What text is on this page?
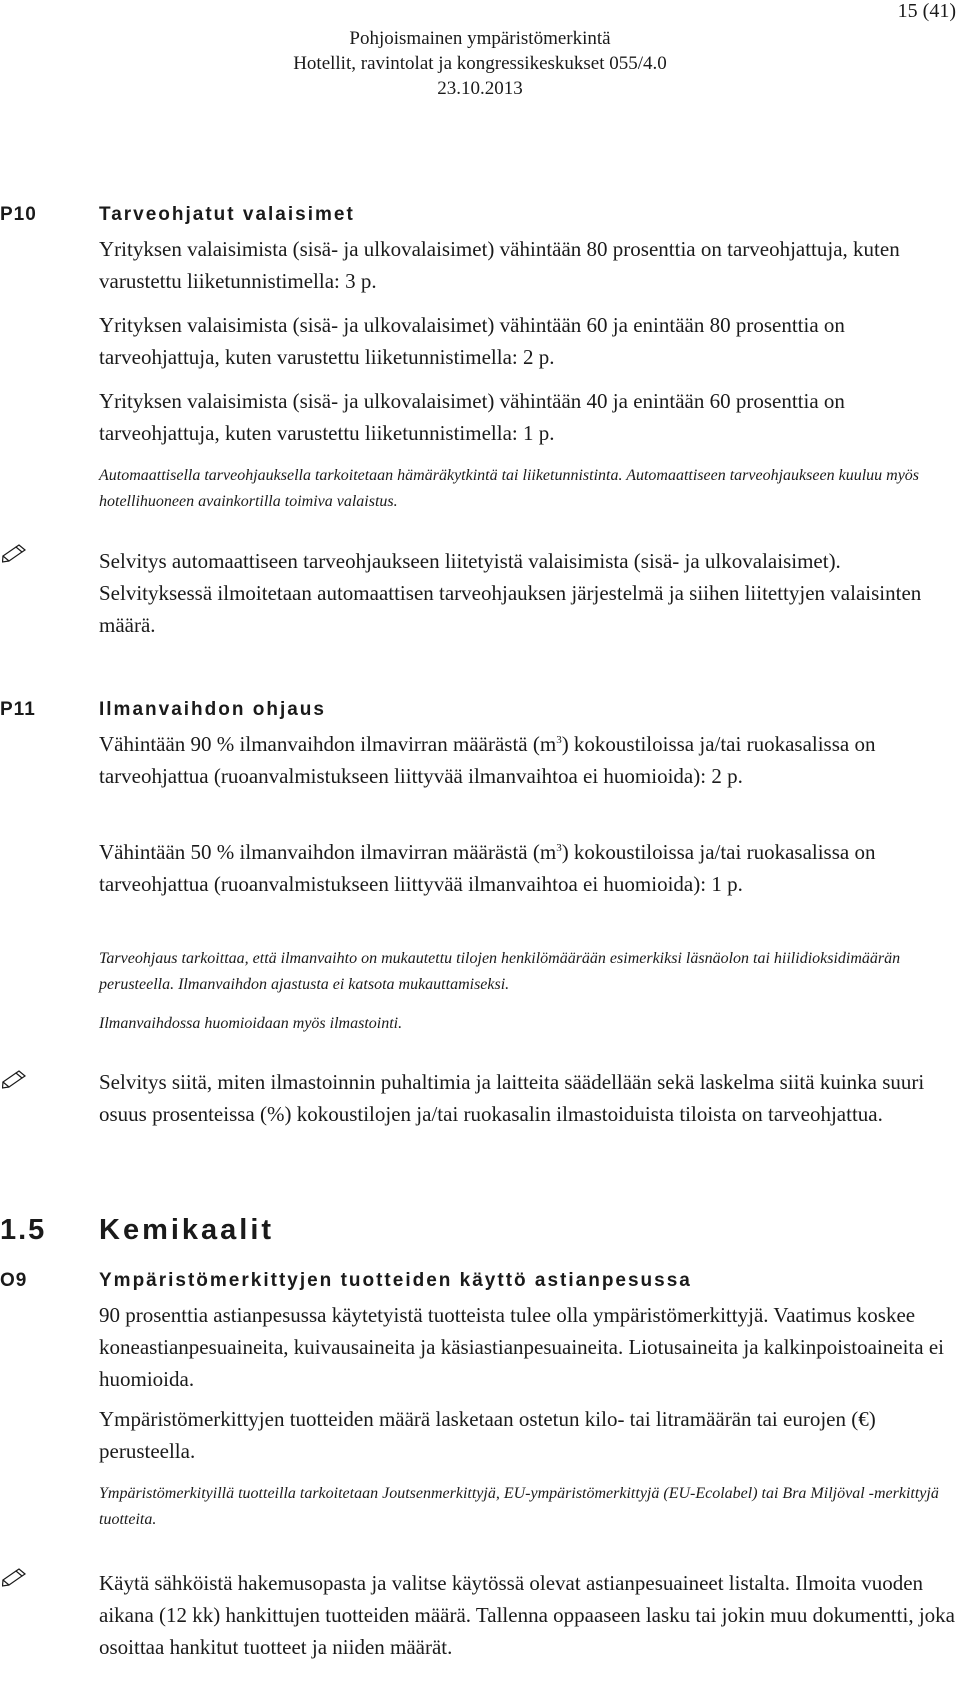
15 (41)
Pohjoismainen ympäristömerkintä
Hotellit, ravintolat ja kongressikeskukset 055/4.0
23.10.2013
P10	Tarveohjatut valaisimet
Yrityksen valaisimista (sisä- ja ulkovalaisimet) vähintään 80 prosenttia on tarveohjattuja, kuten varustettu liiketunnistimella: 3 p.
Yrityksen valaisimista (sisä- ja ulkovalaisimet) vähintään 60 ja enintään 80 prosenttia on tarveohjattuja, kuten varustettu liiketunnistimella: 2 p.
Yrityksen valaisimista (sisä- ja ulkovalaisimet) vähintään 40 ja enintään 60 prosenttia on tarveohjattuja, kuten varustettu liiketunnistimella: 1 p.
Automaattisella tarveohjauksella tarkoitetaan hämäräkytkintä tai liiketunnistinta. Automaattiseen tarveohjaukseen kuuluu myös hotellihuoneen avainkortilla toimiva valaistus.
Selvitys automaattiseen tarveohjaukseen liitetyistä valaisimista (sisä- ja ulkovalaisimet). Selvityksessä ilmoitetaan automaattisen tarveohjauksen järjestelmä ja siihen liitettyjen valaisinten määrä.
P11	Ilmanvaihdon ohjaus
Vähintään 90 % ilmanvaihdon ilmavirran määrästä $(m^3)$ kokoustiloissa ja/tai ruokasalissa on tarveohjattua (ruoanvalmistukseen liittyvää ilmanvaihtoa ei huomioida): 2 p.
Vähintään 50 % ilmanvaihdon ilmavirran määrästä $(m^3)$ kokoustiloissa ja/tai ruokasalissa on tarveohjattua (ruoanvalmistukseen liittyvää ilmanvaihtoa ei huomioida): 1 p.
Tarveohjaus tarkoittaa, että ilmanvaihto on mukautettu tilojen henkilömäärään esimerkiksi läsnäolon tai hiilidioksidimäärän perusteella. Ilmanvaihdon ajastusta ei katsota mukauttamiseksi.
Ilmanvaihdossa huomioidaan myös ilmastointi.
Selvitys siitä, miten ilmastoinnin puhaltimia ja laitteita säädellään sekä laskelma siitä kuinka suuri osuus prosenteissa (%) kokoustilojen ja/tai ruokasalin ilmastoiduista tiloista on tarveohjattua.
1.5 Kemikaalit
O9	Ympäristömerkittyjen tuotteiden käyttö astianpesussa
90 prosenttia astianpesussa käytetyistä tuotteista tulee olla ympäristömerkittyjä. Vaatimus koskee koneastianpesuaineita, kuivausaineita ja käsiastianpesuaineita. Liotusaineita ja kalkinpoistoaineita ei huomioida.
Ympäristömerkittyjen tuotteiden määrä lasketaan ostetun kilo- tai litramäärän tai eurojen (€) perusteella.
Ympäristömerkityillä tuotteilla tarkoitetaan Joutsenmerkittyjä, EU-ympäristömerkittyjä (EU-Ecolabel) tai Bra Miljöval -merkittyjä tuotteita.
Käytä sähköistä hakemusopasta ja valitse käytössä olevat astianpesuaineet listalta. Ilmoita vuoden aikana (12 kk) hankittujen tuotteiden määrä. Tallenna oppaaseen lasku tai jokin muu dokumentti, joka osoittaa hankitut tuotteet ja niiden määrät.
